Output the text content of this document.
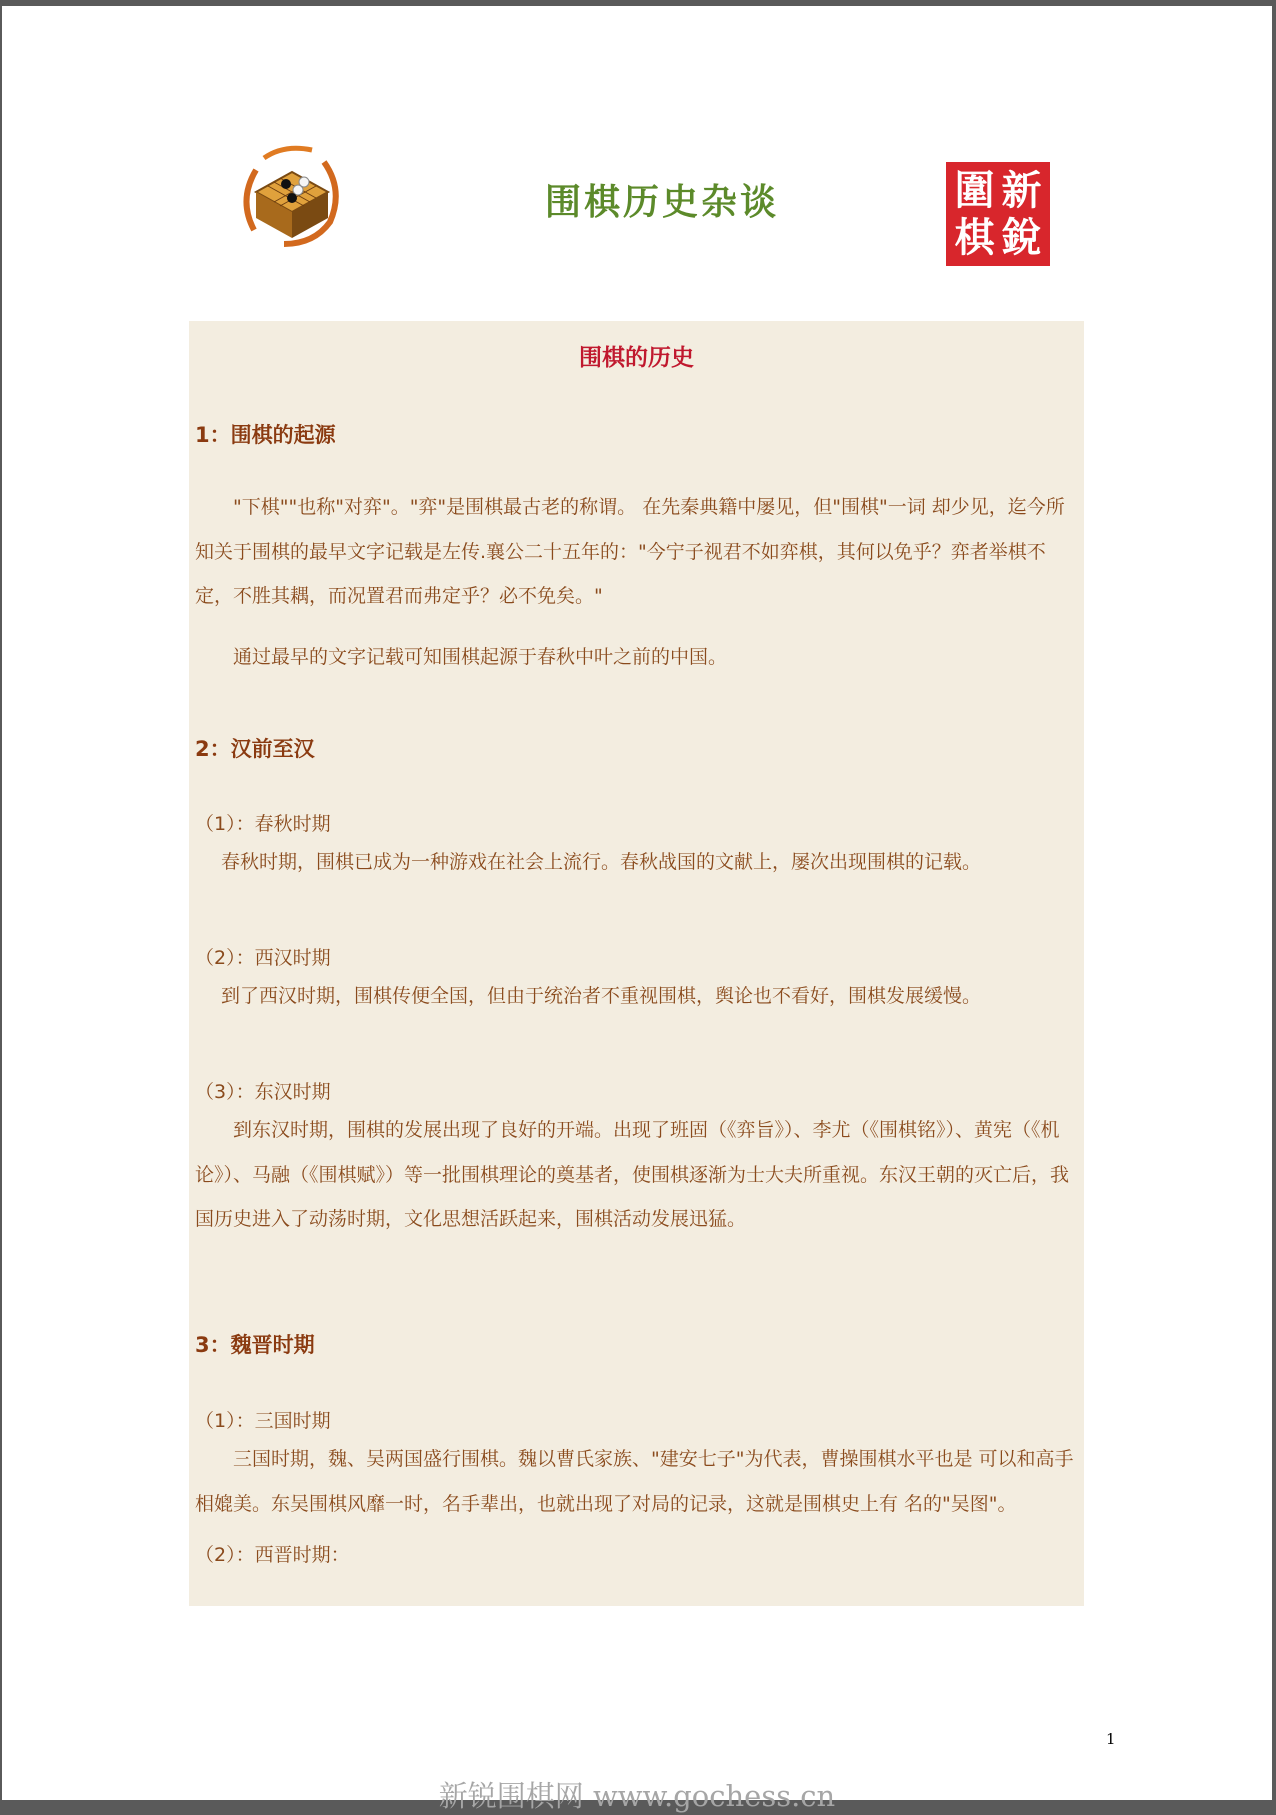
围棋历史杂谈	圍 新
棋 銳
围棋的历史
1：围棋的起源
"下棋""也称"对弈"。"弈"是围棋最古老的称谓。 在先秦典籍中屡见，但"围棋"一词 却少见，迄今所知关于围棋的最早文字记载是左传.襄公二十五年的："今宁子视君不如弈棋，其何以免乎？弈者举棋不定，不胜其耦，而况置君而弗定乎？必不免矣。"
通过最早的文字记载可知围棋起源于春秋中叶之前的中国。
2：汉前至汉
（1）：春秋时期
春秋时期，围棋已成为一种游戏在社会上流行。春秋战国的文献上，屡次出现围棋的记载。
（2）：西汉时期
到了西汉时期，围棋传便全国，但由于统治者不重视围棋，舆论也不看好，围棋发展缓慢。
（3）：东汉时期
到东汉时期，围棋的发展出现了良好的开端。出现了班固（《弈旨》）、李尤（《围棋铭》）、黄宪（《机论》）、马融（《围棋赋》）等一批围棋理论的奠基者，使围棋逐渐为士大夫所重视。东汉王朝的灭亡后，我国历史进入了动荡时期，文化思想活跃起来，围棋活动发展迅猛。
3：魏晋时期
（1）：三国时期
三国时期，魏、吴两国盛行围棋。魏以曹氏家族、"建安七子"为代表，曹操围棋水平也是 可以和高手相媲美。东吴围棋风靡一时，名手辈出，也就出现了对局的记录，这就是围棋史上有 名的"吴图"。
（2）：西晋时期：
1
新锐围棋网 www.gochess.cn
